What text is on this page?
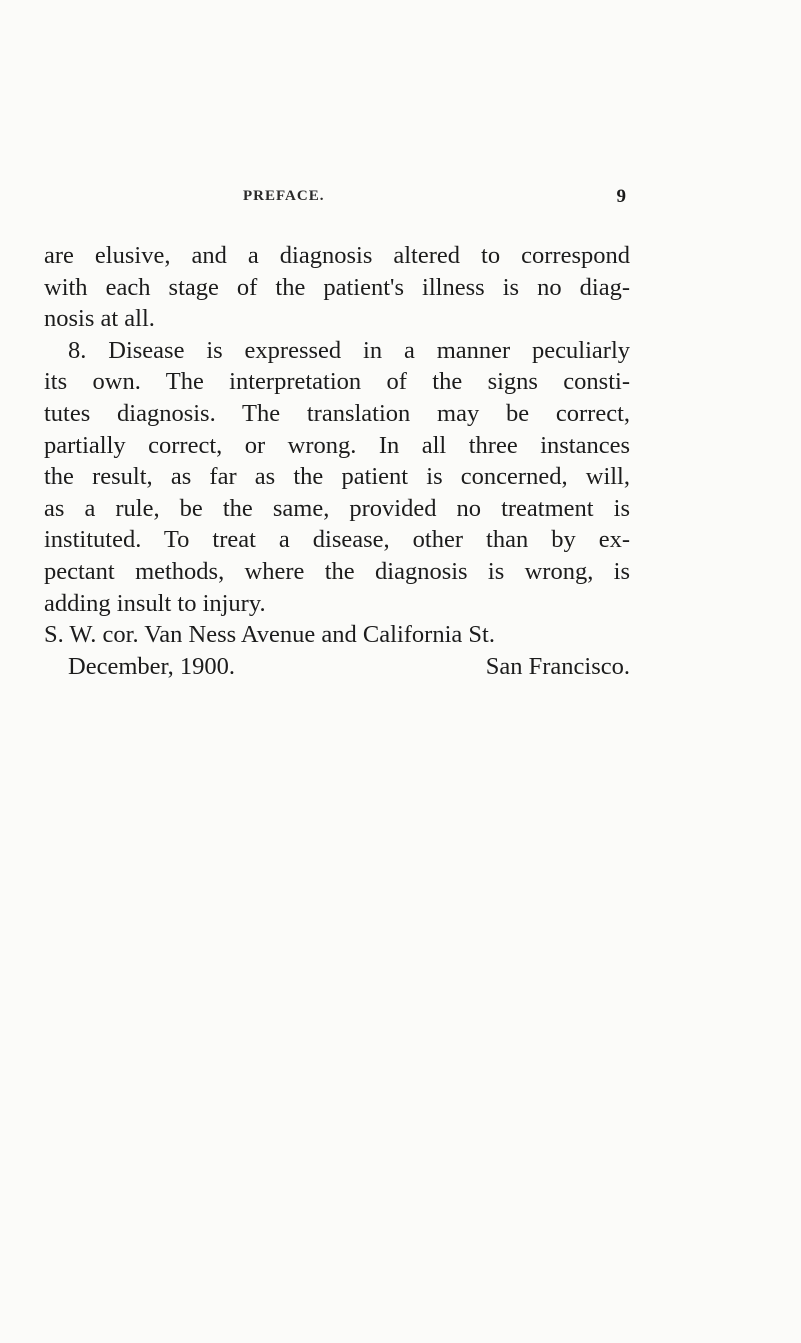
PREFACE.	9
are elusive, and a diagnosis altered to correspond
with each stage of the patient's illness is no diag-
nosis at all.
8. Disease is expressed in a manner peculiarly
its own. The interpretation of the signs consti-
tutes diagnosis. The translation may be correct,
partially correct, or wrong. In all three instances
the result, as far as the patient is concerned, will,
as a rule, be the same, provided no treatment is
instituted. To treat a disease, other than by ex-
pectant methods, where the diagnosis is wrong, is
adding insult to injury.
S. W. cor. Van Ness Avenue and California St.
December, 1900.	San Francisco.
